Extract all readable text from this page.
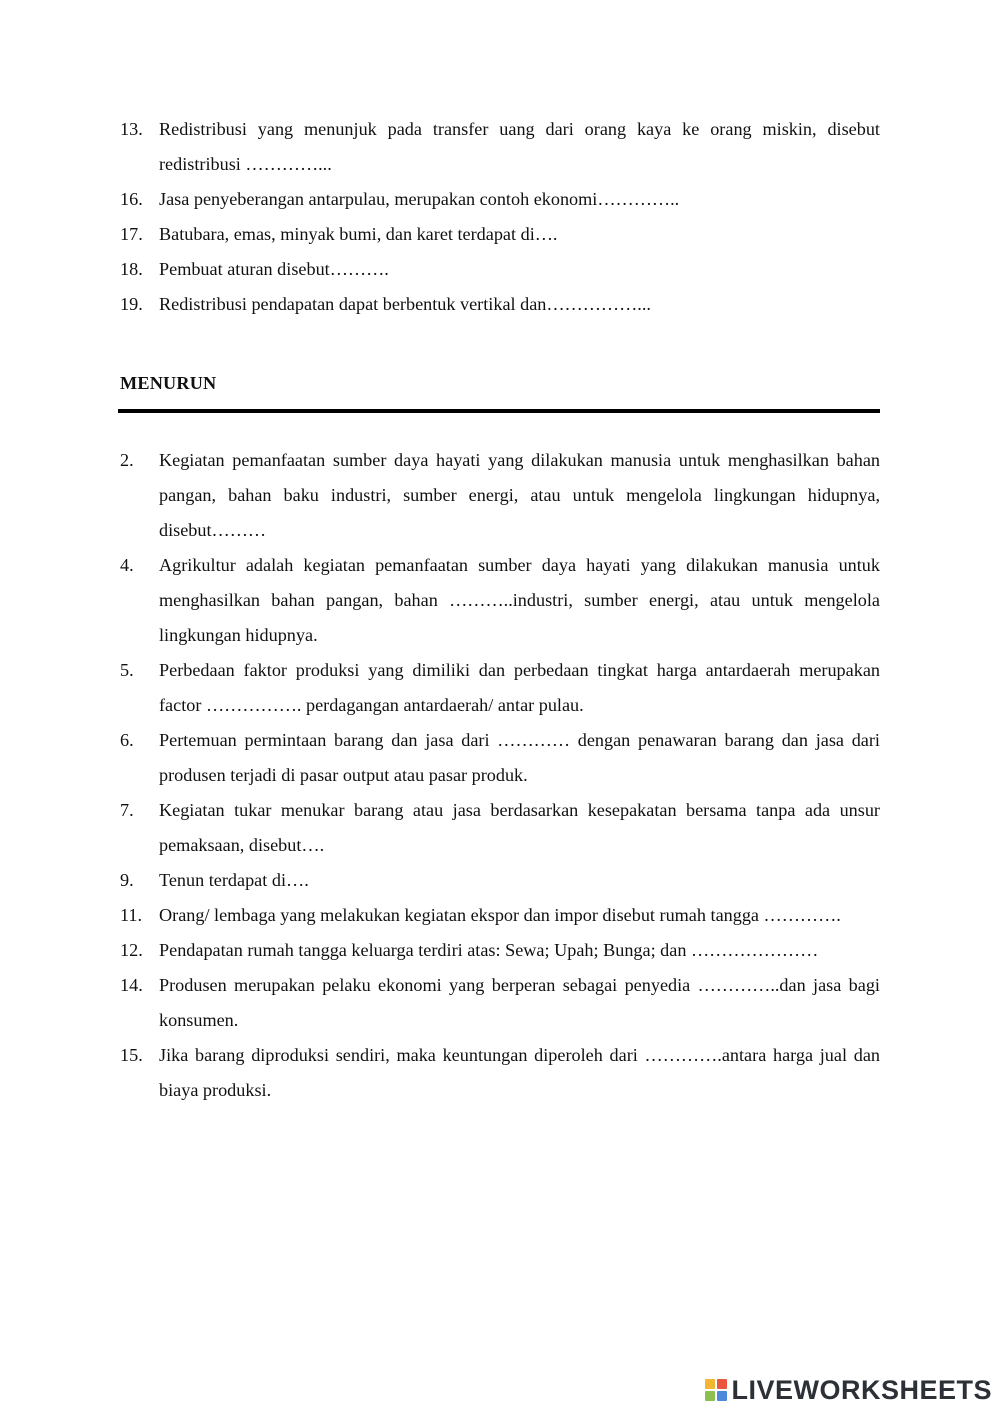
13. Redistribusi yang menunjuk pada transfer uang dari orang kaya ke orang miskin, disebut redistribusi …………...
16. Jasa penyeberangan antarpulau, merupakan contoh ekonomi…………..
17. Batubara, emas, minyak bumi, dan karet terdapat di….
18. Pembuat aturan disebut……….
19. Redistribusi pendapatan dapat berbentuk vertikal dan……………...
MENURUN
2. Kegiatan pemanfaatan sumber daya hayati yang dilakukan manusia untuk menghasilkan bahan pangan, bahan baku industri, sumber energi, atau untuk mengelola lingkungan hidupnya, disebut………
4. Agrikultur adalah kegiatan pemanfaatan sumber daya hayati yang dilakukan manusia untuk menghasilkan bahan pangan, bahan ………..industri, sumber energi, atau untuk mengelola lingkungan hidupnya.
5. Perbedaan faktor produksi yang dimiliki dan perbedaan tingkat harga antardaerah merupakan factor ……………. perdagangan antardaerah/ antar pulau.
6. Pertemuan permintaan barang dan jasa dari ………… dengan penawaran barang dan jasa dari produsen terjadi di pasar output atau pasar produk.
7. Kegiatan tukar menukar barang atau jasa berdasarkan kesepakatan bersama tanpa ada unsur pemaksaan, disebut….
9. Tenun terdapat di….
11. Orang/ lembaga yang melakukan kegiatan ekspor dan impor disebut rumah tangga ………….
12. Pendapatan rumah tangga keluarga terdiri atas: Sewa; Upah; Bunga; dan …………………
14. Produsen merupakan pelaku ekonomi yang berperan sebagai penyedia …………..dan jasa bagi konsumen.
15. Jika barang diproduksi sendiri, maka keuntungan diperoleh dari ………….antara harga jual dan biaya produksi.
LIVEWORKSHEETS
